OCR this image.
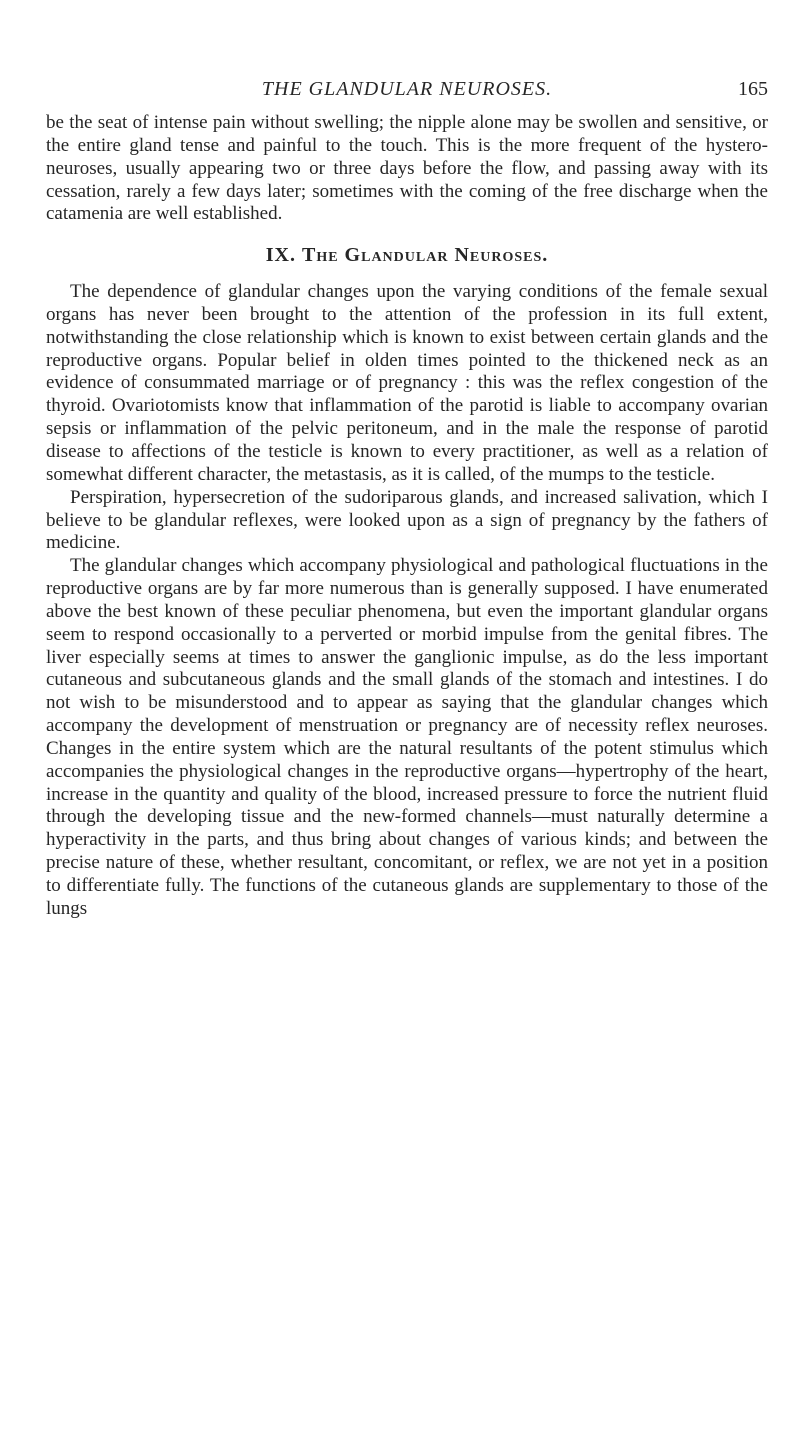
THE GLANDULAR NEUROSES.	165

be the seat of intense pain without swelling; the nipple alone may be swollen and sensitive, or the entire gland tense and painful to the touch. This is the more frequent of the hystero-neuroses, usually appearing two or three days before the flow, and passing away with its cessation, rarely a few days later; sometimes with the coming of the free discharge when the catamenia are well established.

IX. The Glandular Neuroses.

The dependence of glandular changes upon the varying conditions of the female sexual organs has never been brought to the attention of the profession in its full extent, notwithstanding the close relationship which is known to exist between certain glands and the reproductive organs. Popular belief in olden times pointed to the thickened neck as an evidence of consummated marriage or of pregnancy : this was the reflex congestion of the thyroid. Ovariotomists know that inflammation of the parotid is liable to accompany ovarian sepsis or inflammation of the pelvic peritoneum, and in the male the response of parotid disease to affections of the testicle is known to every practitioner, as well as a relation of somewhat different character, the metastasis, as it is called, of the mumps to the testicle.

Perspiration, hypersecretion of the sudoriparous glands, and increased salivation, which I believe to be glandular reflexes, were looked upon as a sign of pregnancy by the fathers of medicine.

The glandular changes which accompany physiological and pathological fluctuations in the reproductive organs are by far more numerous than is generally supposed. I have enumerated above the best known of these peculiar phenomena, but even the important glandular organs seem to respond occasionally to a perverted or morbid impulse from the genital fibres. The liver especially seems at times to answer the ganglionic impulse, as do the less important cutaneous and subcutaneous glands and the small glands of the stomach and intestines. I do not wish to be misunderstood and to appear as saying that the glandular changes which accompany the development of menstruation or pregnancy are of necessity reflex neuroses. Changes in the entire system which are the natural resultants of the potent stimulus which accompanies the physiological changes in the reproductive organs—hypertrophy of the heart, increase in the quantity and quality of the blood, increased pressure to force the nutrient fluid through the developing tissue and the new-formed channels—must naturally determine a hyperactivity in the parts, and thus bring about changes of various kinds; and between the precise nature of these, whether resultant, concomitant, or reflex, we are not yet in a position to differentiate fully. The functions of the cutaneous glands are supplementary to those of the lungs
